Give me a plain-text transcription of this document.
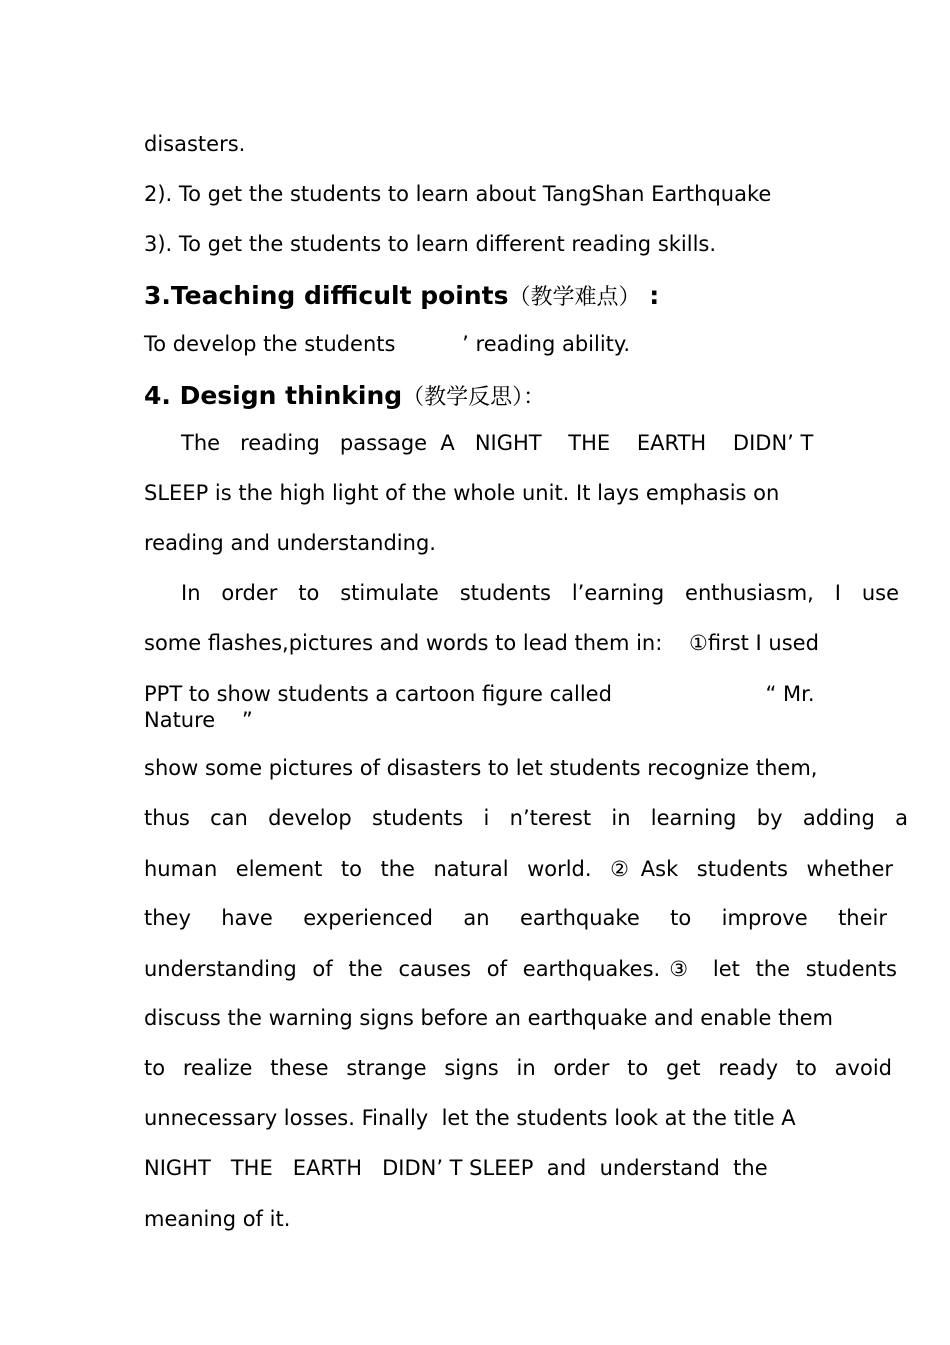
disasters.
2). To get the students to learn about TangShan Earthquake
3). To get the students to learn different reading skills.
3.Teaching difficult points（教学难点） :
To develop the students          ’ reading ability.
4. Design thinking（教学反思）：
The   reading   passage  A   NIGHT    THE    EARTH    DIDN’ T
SLEEP is the high light of the whole unit. It lays emphasis on
reading and understanding.
In order to stimulate students l’earning enthusiasm, I use
some flashes,pictures and words to lead them in:    ①first I used
PPT to show students a cartoon figure called                       “ Mr.
Nature    ”
show some pictures of disasters to let students recognize them,
thus can develop students i n’terest in learning by adding a
human element to the natural world. ②Ask students whether
they have experienced an earthquake to improve their
understanding of the causes of earthquakes.③ let the students
discuss the warning signs before an earthquake and enable them
to realize these strange signs in order to get ready to avoid
unnecessary losses. Finally  let the students look at the title A
NIGHT   THE   EARTH   DIDN’ T SLEEP  and  understand  the
meaning of it.
